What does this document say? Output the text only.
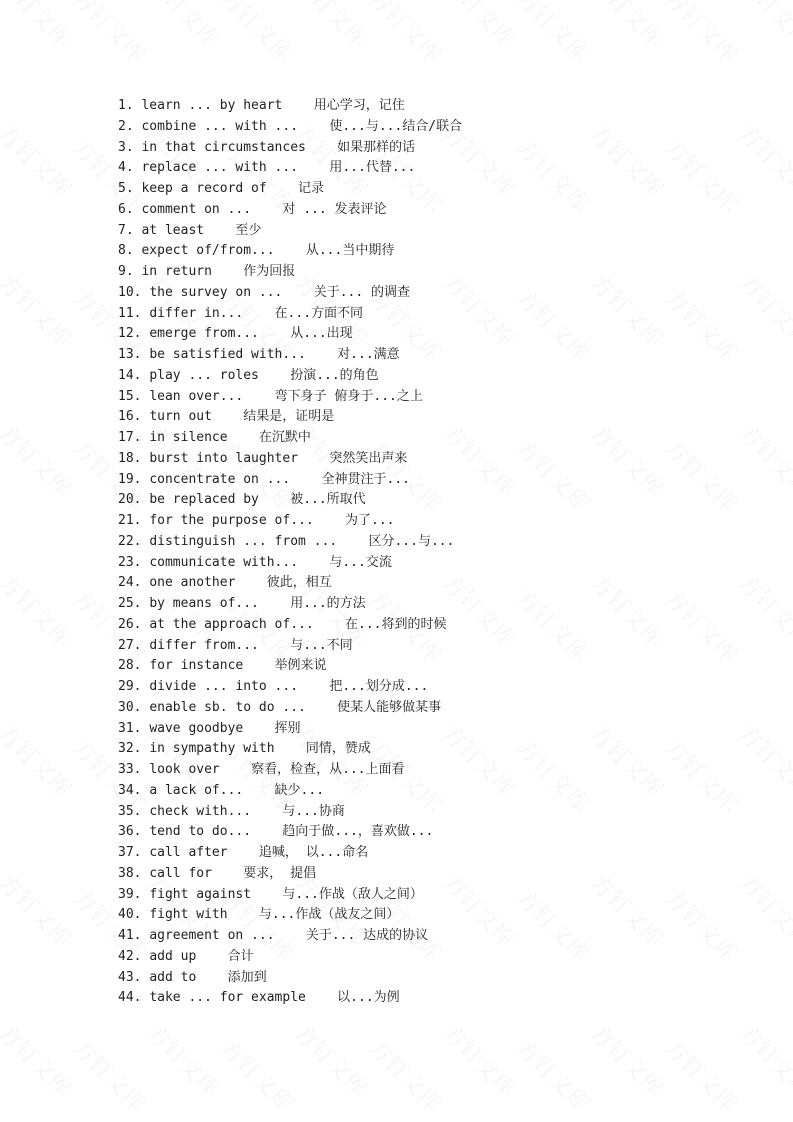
1. learn ... by heart 用心学习，记住
2. combine ... with ... 使...与...结合/联合
3. in that circumstances 如果那样的话
4. replace ... with ... 用...代替...
5. keep a record of 记录
6. comment on ... 对 ... 发表评论
7. at least 至少
8. expect of/from... 从...当中期待
9. in return 作为回报
10. the survey on ... 关于... 的调查
11. differ in... 在...方面不同
12. emerge from... 从...出现
13. be satisfied with... 对...满意
14. play ... roles 扮演...的角色
15. lean over... 弯下身子 俯身于...之上
16. turn out 结果是，证明是
17. in silence 在沉默中
18. burst into laughter 突然笑出声来
19. concentrate on ... 全神贯注于...
20. be replaced by 被...所取代
21. for the purpose of... 为了...
22. distinguish ... from ... 区分...与...
23. communicate with... 与...交流
24. one another 彼此，相互
25. by means of... 用...的方法
26. at the approach of... 在...将到的时候
27. differ from... 与...不同
28. for instance 举例来说
29. divide ... into ... 把...划分成...
30. enable sb. to do ... 使某人能够做某事
31. wave goodbye 挥别
32. in sympathy with 同情，赞成
33. look over 察看，检查，从...上面看
34. a lack of... 缺少...
35. check with... 与...协商
36. tend to do... 趋向于做...，喜欢做...
37. call after 追喊， 以...命名
38. call for 要求， 提倡
39. fight against 与...作战（敌人之间）
40. fight with 与...作战（战友之间）
41. agreement on ... 关于... 达成的协议
42. add up 合计
43. add to 添加到
44. take ... for example 以...为例
